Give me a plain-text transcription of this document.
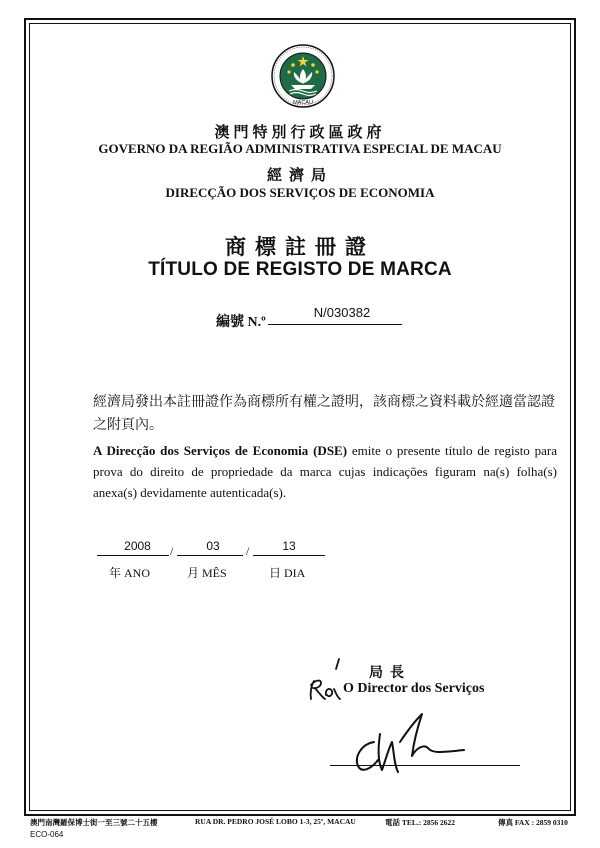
MACAU
澳門特別行政區政府
GOVERNO DA REGIÃO ADMINISTRATIVA ESPECIAL DE MACAU
經濟局
DIRECÇÃO DOS SERVIÇOS DE ECONOMIA
商標註冊證
TÍTULO DE REGISTO DE MARCA
編號 N.º
N/030382
經濟局發出本註冊證作為商標所有權之證明，該商標之資料載於經適當認證之附頁內。
A Direcção dos Serviços de Economia (DSE) emite o presente título de registo para prova do direito de propriedade da marca cujas indicações figuram na(s) folha(s) anexa(s) devidamente autenticada(s).
2008	/	03	/	13
年 ANO	月 MÊS	日 DIA
局長
O Director dos Serviços
澳門南灣羅保博士街一至三號二十五樓	RUA DR. PEDRO JOSÉ LOBO 1-3, 25º, MACAU	電話 TEL.: 2856 2622	傳真 FAX : 2859 0310
ECO-064
